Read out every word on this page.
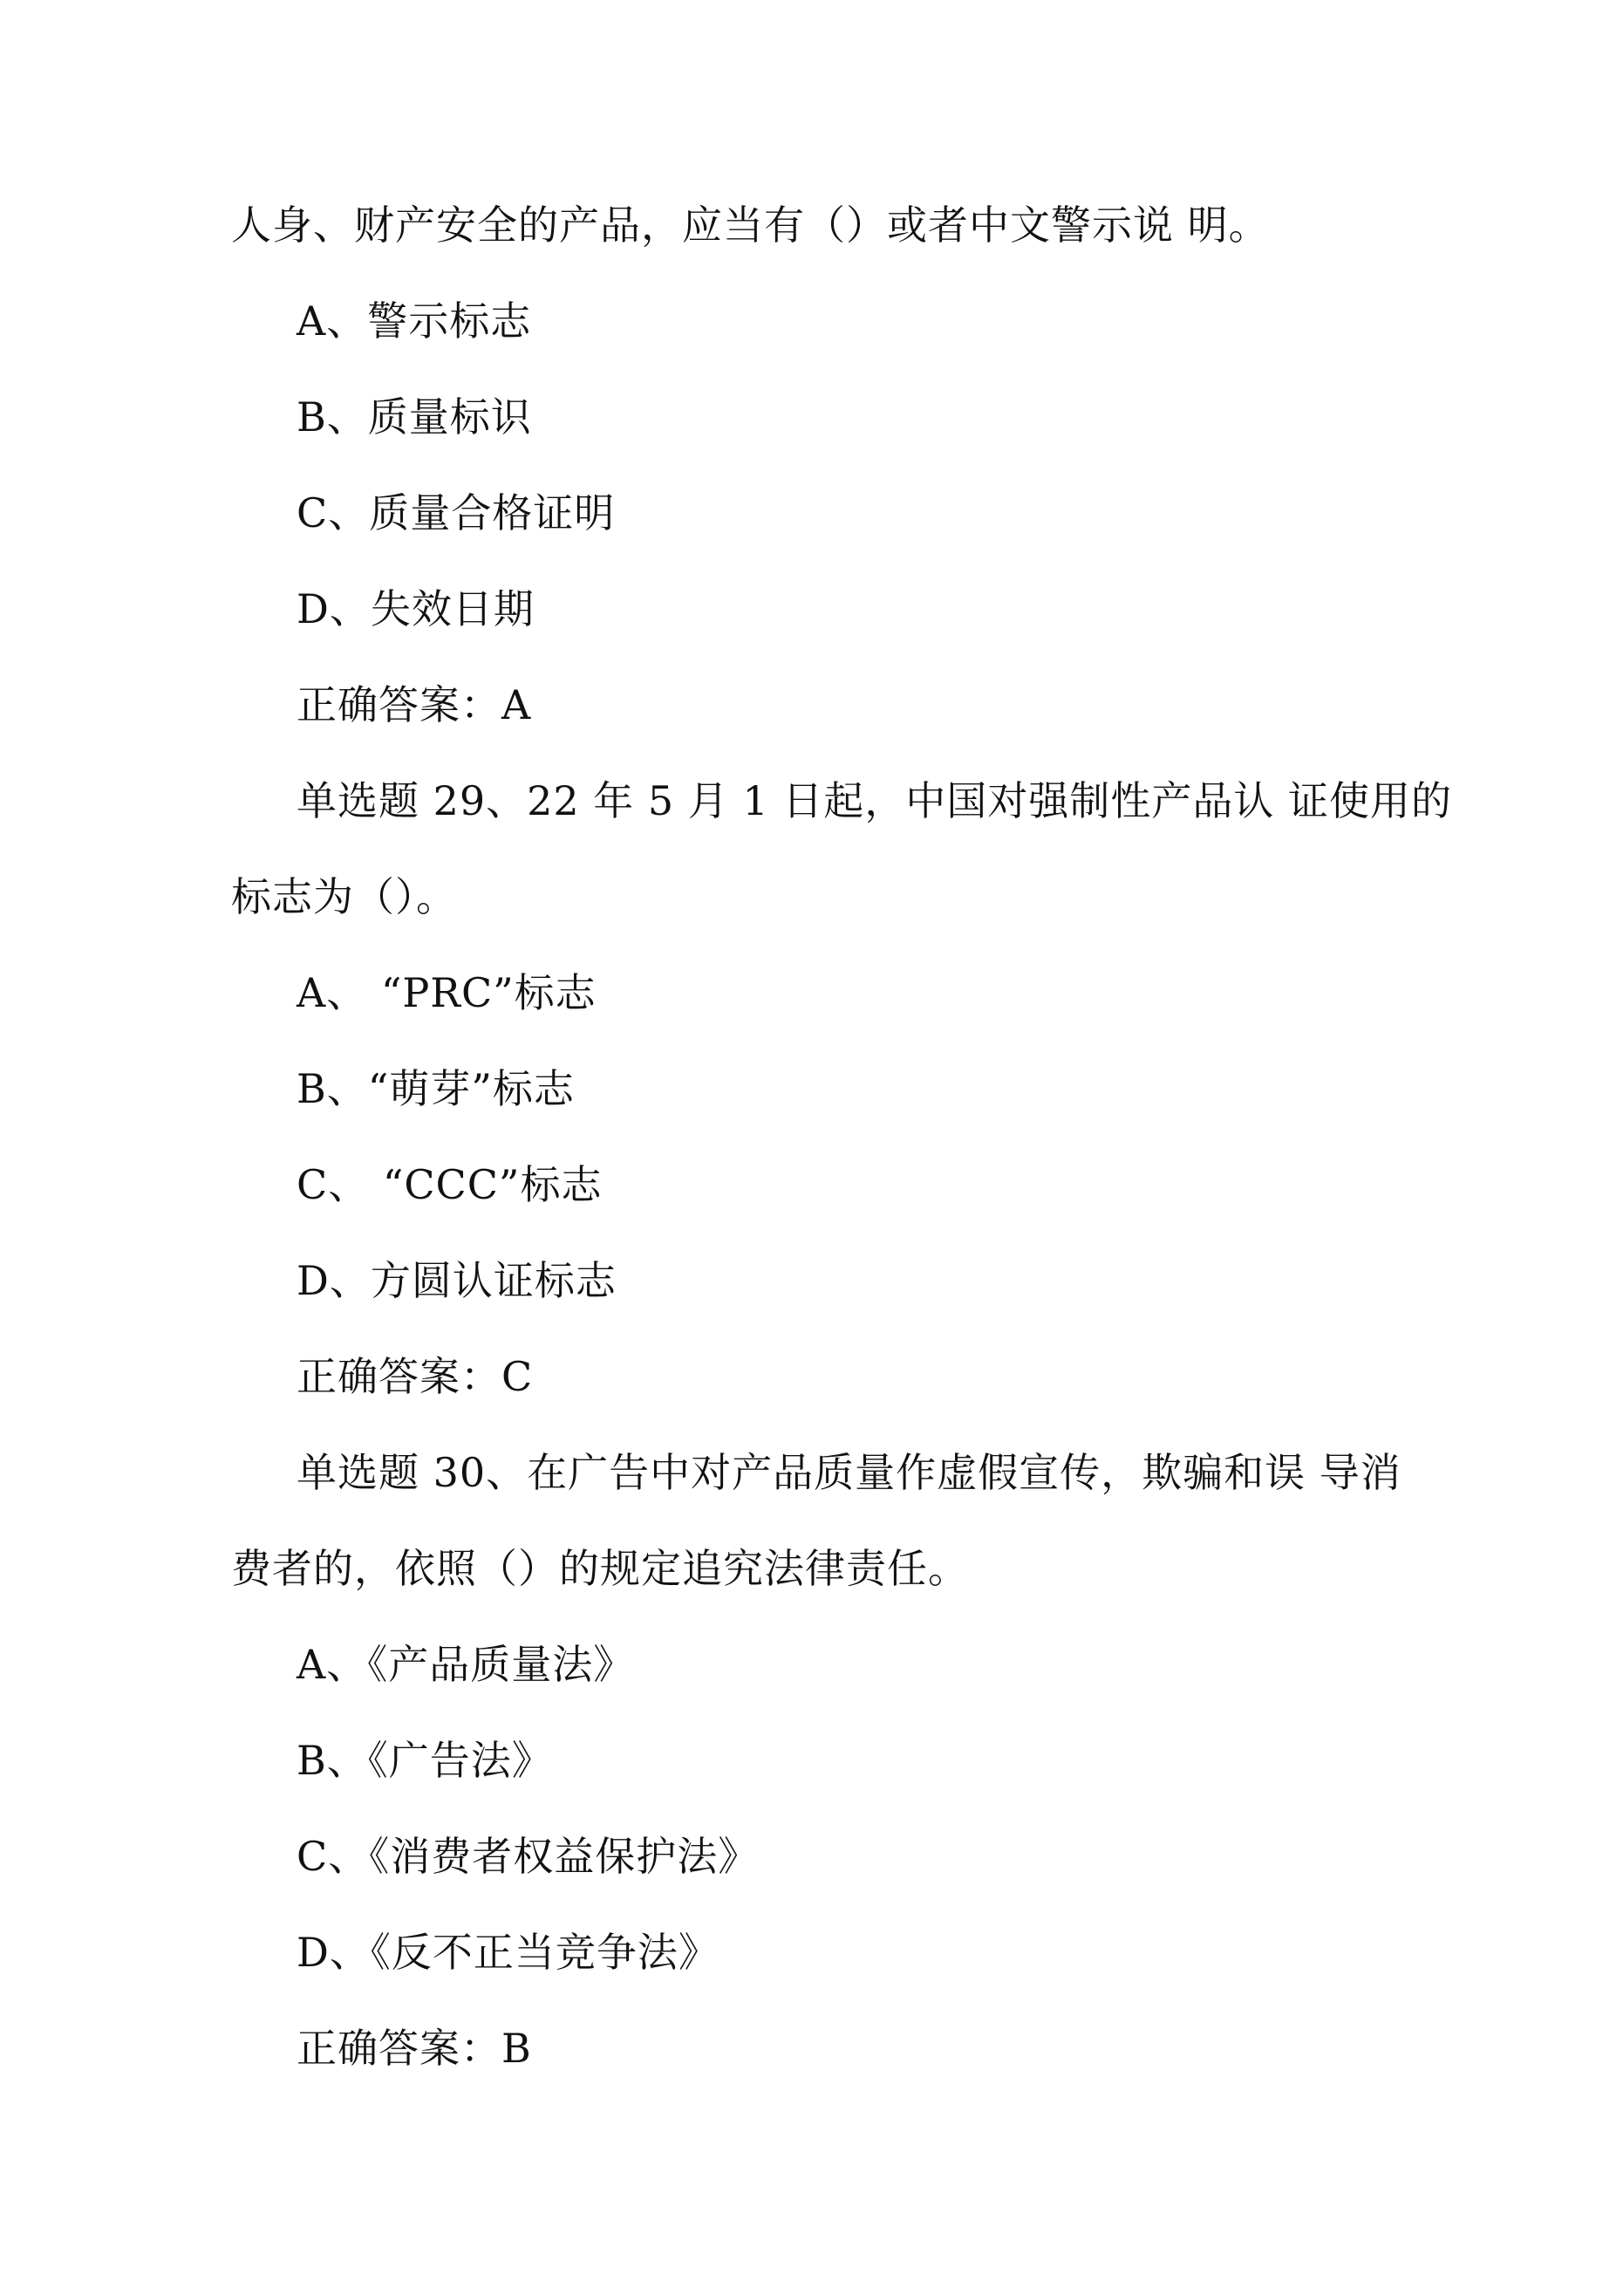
人身、财产安全的产品，应当有（）或者中文警示说 明。
A、警示标志
B、质量标识
C、质量合格证明
D、失效日期
正确答案：A
单选题 29、22 年 5 月 1 日起，中国对强制性产品认 证使用的
标志为（）。
A、 “PRC”标志
B、“萌芽”标志
C、 “CCC”标志
D、方圆认证标志
正确答案：C
单选题 30、在广告中对产品质量作虚假宣传，欺骗和误 导消
费者的，依照（）的规定追究法律责任。
A、《产品质量法》
B、《广告法》
C、《消费者权益保护法》
D、《反不正当竞争法》
正确答案：B
